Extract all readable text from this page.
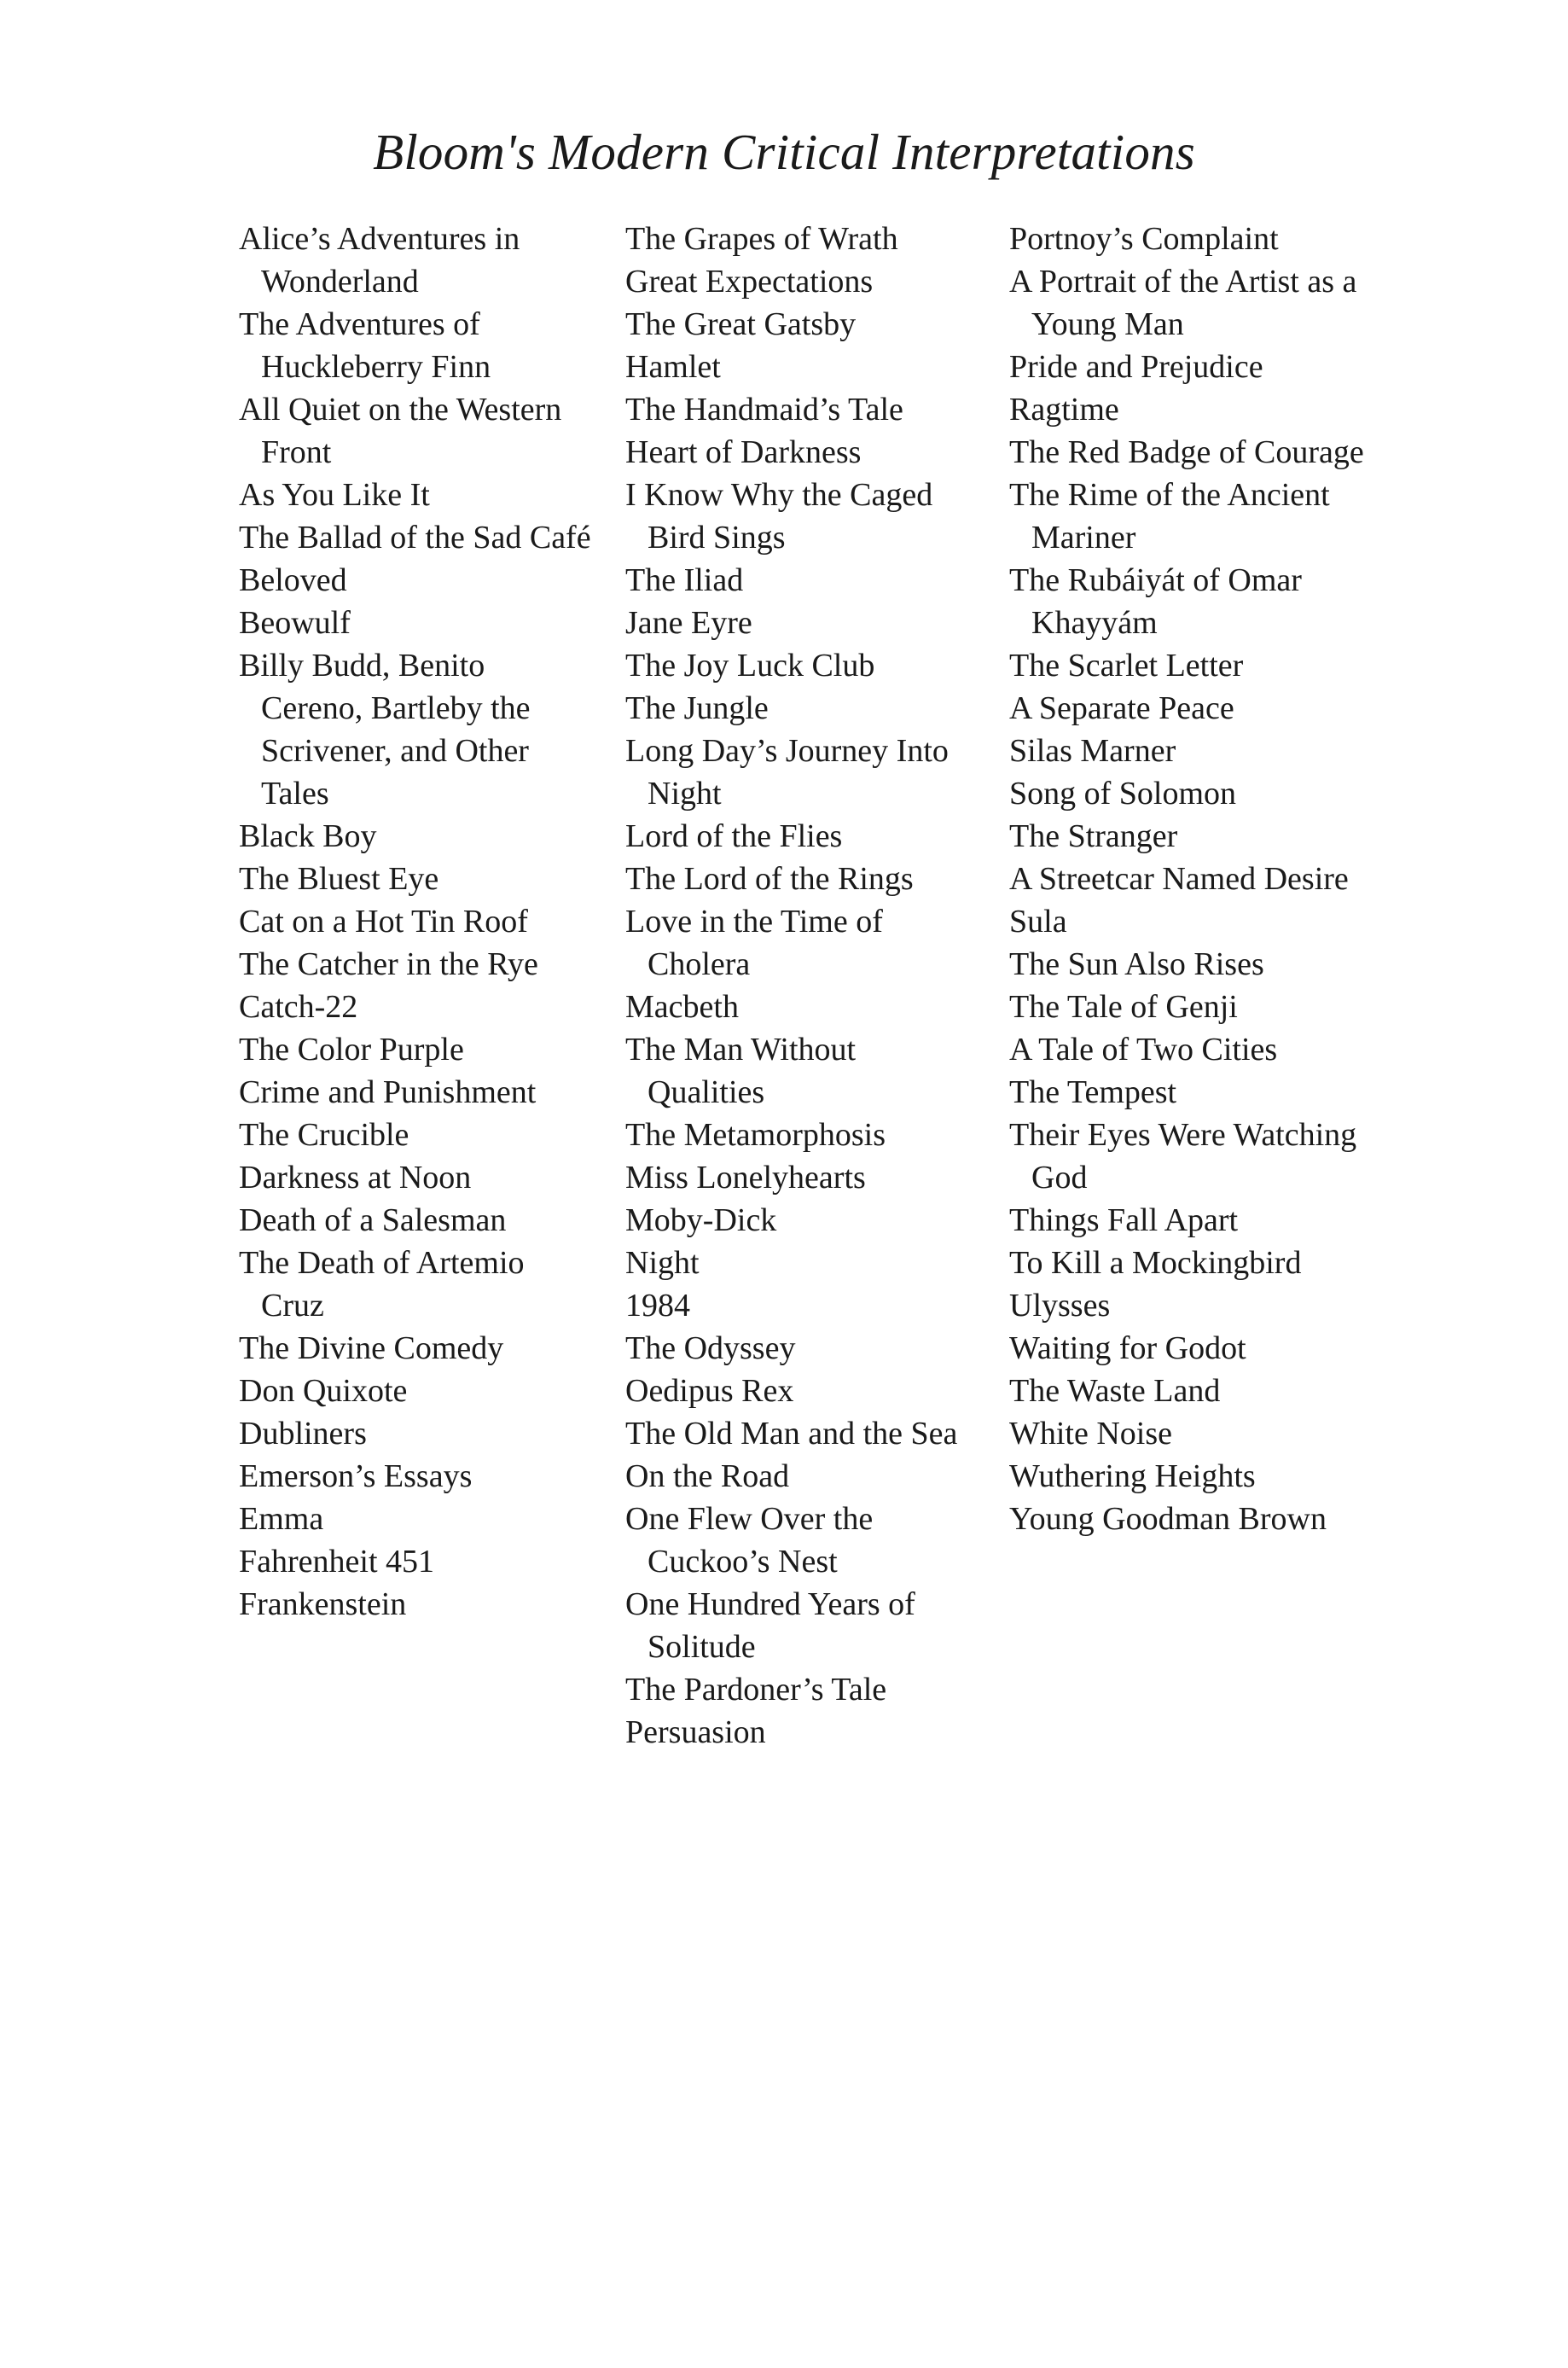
Bloom's Modern Critical Interpretations
Alice’s Adventures in Wonderland
The Adventures of Huckleberry Finn
All Quiet on the Western Front
As You Like It
The Ballad of the Sad Café
Beloved
Beowulf
Billy Budd, Benito Cereno, Bartleby the Scrivener, and Other Tales
Black Boy
The Bluest Eye
Cat on a Hot Tin Roof
The Catcher in the Rye
Catch-22
The Color Purple
Crime and Punishment
The Crucible
Darkness at Noon
Death of a Salesman
The Death of Artemio Cruz
The Divine Comedy
Don Quixote
Dubliners
Emerson’s Essays
Emma
Fahrenheit 451
Frankenstein
The Grapes of Wrath
Great Expectations
The Great Gatsby
Hamlet
The Handmaid’s Tale
Heart of Darkness
I Know Why the Caged Bird Sings
The Iliad
Jane Eyre
The Joy Luck Club
The Jungle
Long Day’s Journey Into Night
Lord of the Flies
The Lord of the Rings
Love in the Time of Cholera
Macbeth
The Man Without Qualities
The Metamorphosis
Miss Lonelyhearts
Moby-Dick
Night
1984
The Odyssey
Oedipus Rex
The Old Man and the Sea
On the Road
One Flew Over the Cuckoo’s Nest
One Hundred Years of Solitude
The Pardoner’s Tale
Persuasion
Portnoy’s Complaint
A Portrait of the Artist as a Young Man
Pride and Prejudice
Ragtime
The Red Badge of Courage
The Rime of the Ancient Mariner
The Rubáiyát of Omar Khayyám
The Scarlet Letter
A Separate Peace
Silas Marner
Song of Solomon
The Stranger
A Streetcar Named Desire
Sula
The Sun Also Rises
The Tale of Genji
A Tale of Two Cities
The Tempest
Their Eyes Were Watching God
Things Fall Apart
To Kill a Mockingbird
Ulysses
Waiting for Godot
The Waste Land
White Noise
Wuthering Heights
Young Goodman Brown
